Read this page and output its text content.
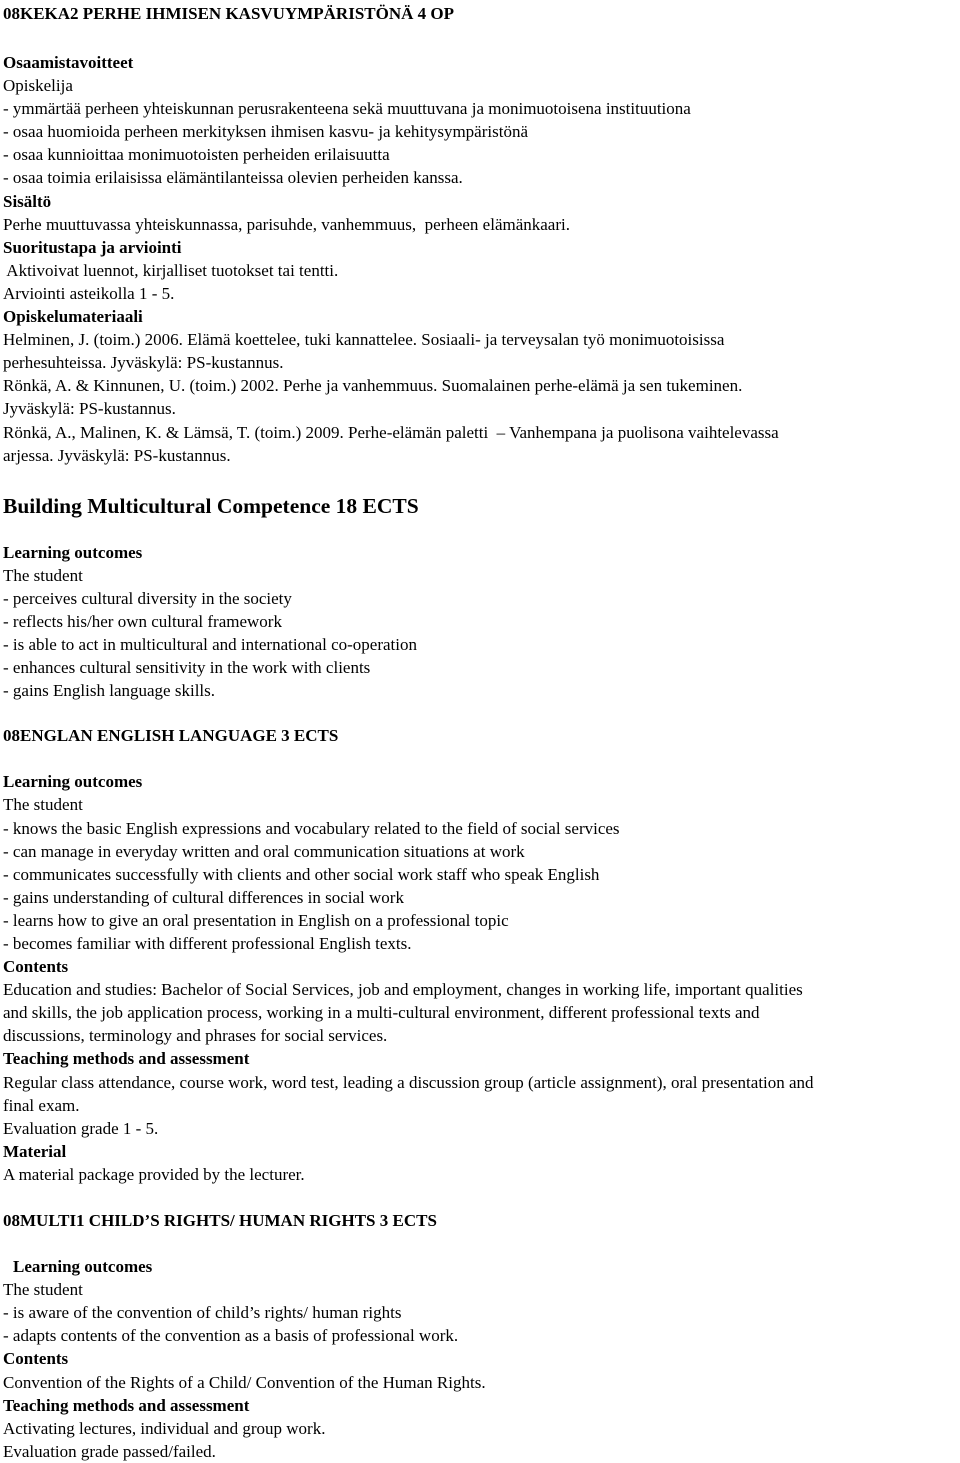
08KEKA2 PERHE IHMISEN KASVUYMPÄRISTÖNÄ 4 OP
Osaamistavoitteet
Opiskelija
- ymmärtää perheen yhteiskunnan perusrakenteena sekä muuttuvana ja monimuotoisena instituutiona
- osaa huomioida perheen merkityksen ihmisen kasvu- ja kehitysympäristönä
- osaa kunnioittaa monimuotoisten perheiden erilaisuutta
- osaa toimia erilaisissa elämäntilanteissa olevien perheiden kanssa.
Sisältö
Perhe muuttuvassa yhteiskunnassa, parisuhde, vanhemmuus,  perheen elämänkaari.
Suoritustapa ja arviointi
Aktivoivat luennot, kirjalliset tuotokset tai tentti.
Arviointi asteikolla 1 - 5.
Opiskelumateriaali
Helminen, J. (toim.) 2006. Elämä koettelee, tuki kannattelee. Sosiaali- ja terveysalan työ monimuotoisissa
perhesuhteissa. Jyväskylä: PS-kustannus.
Rönkä, A. & Kinnunen, U. (toim.) 2002. Perhe ja vanhemmuus. Suomalainen perhe-elämä ja sen tukeminen.
Jyväskylä: PS-kustannus.
Rönkä, A., Malinen, K. & Lämsä, T. (toim.) 2009. Perhe-elämän paletti  – Vanhempana ja puolisona vaihtelevassa
arjessa. Jyväskylä: PS-kustannus.
Building Multicultural Competence 18 ECTS
Learning outcomes
The student
- perceives cultural diversity in the society
- reflects his/her own cultural framework
- is able to act in multicultural and international co-operation
- enhances cultural sensitivity in the work with clients
- gains English language skills.
08ENGLAN ENGLISH LANGUAGE 3 ECTS
Learning outcomes
The student
- knows the basic English expressions and vocabulary related to the field of social services
- can manage in everyday written and oral communication situations at work
- communicates successfully with clients and other social work staff who speak English
- gains understanding of cultural differences in social work
- learns how to give an oral presentation in English on a professional topic
- becomes familiar with different professional English texts.
Contents
Education and studies: Bachelor of Social Services, job and employment, changes in working life, important qualities
and skills, the job application process, working in a multi-cultural environment, different professional texts and
discussions, terminology and phrases for social services.
Teaching methods and assessment
Regular class attendance, course work, word test, leading a discussion group (article assignment), oral presentation and
final exam.
Evaluation grade 1 - 5.
Material
A material package provided by the lecturer.
08MULTI1 CHILD’S RIGHTS/ HUMAN RIGHTS 3 ECTS
Learning outcomes
The student
- is aware of the convention of child’s rights/ human rights
- adapts contents of the convention as a basis of professional work.
Contents
Convention of the Rights of a Child/ Convention of the Human Rights.
Teaching methods and assessment
Activating lectures, individual and group work.
Evaluation grade passed/failed.
